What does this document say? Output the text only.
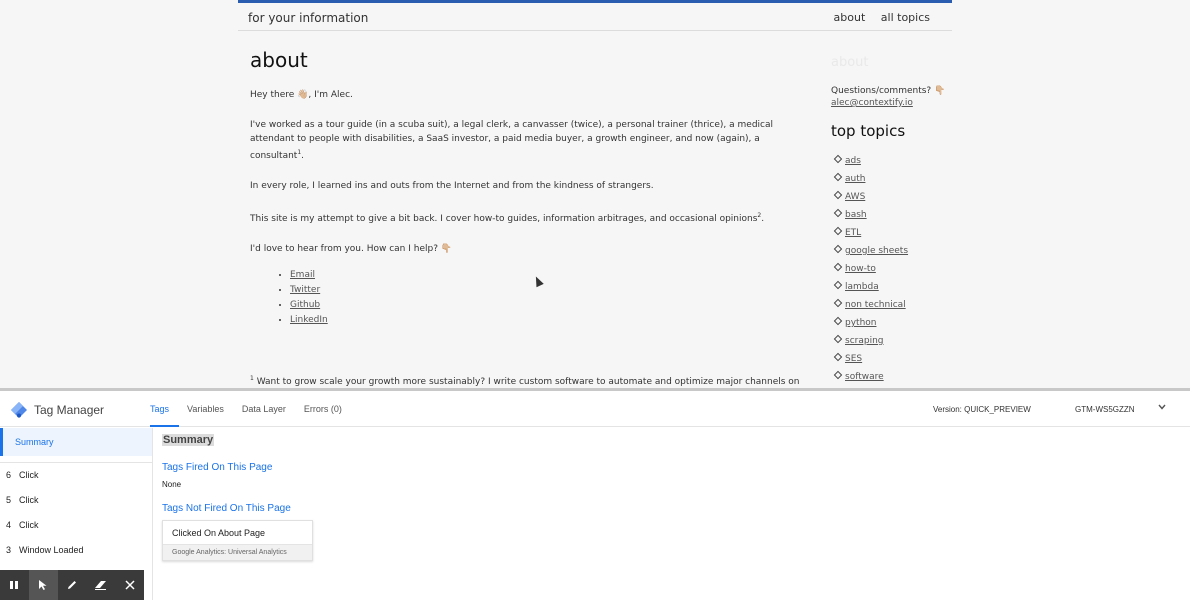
for your information	about all topics
about

Hey there 👋🏼, I'm Alec.

I've worked as a tour guide (in a scuba suit), a legal clerk, a canvasser (twice), a personal trainer (thrice), a medical attendant to people with disabilities, a SaaS investor, a paid media buyer, a growth engineer, and now (again), a consultant$^1$.

In every role, I learned ins and outs from the Internet and from the kindness of strangers.

This site is my attempt to give a bit back. I cover how-to guides, information arbitrages, and occasional opinions$^2$.

I'd love to hear from you. How can I help? 👇🏼

• Email
• Twitter
• Github
• LinkedIn

$^1$ Want to grow scale your growth more sustainably? I write custom software to automate and optimize major channels on

about
Questions/comments? 👇🏼
alec@contextify.io
top topics
ads
auth
AWS
bash
ETL
google sheets
how-to
lambda
non technical
python
scraping
SES
software
Tag Manager	Tags	Variables	Data Layer	Errors (0)	Version: QUICK_PREVIEW	GTM-WS5GZZN
Summary
6 Click
5 Click
4 Click
3 Window Loaded
Summary
Tags Fired On This Page
None
Tags Not Fired On This Page
Clicked On About Page
Google Analytics: Universal Analytics
